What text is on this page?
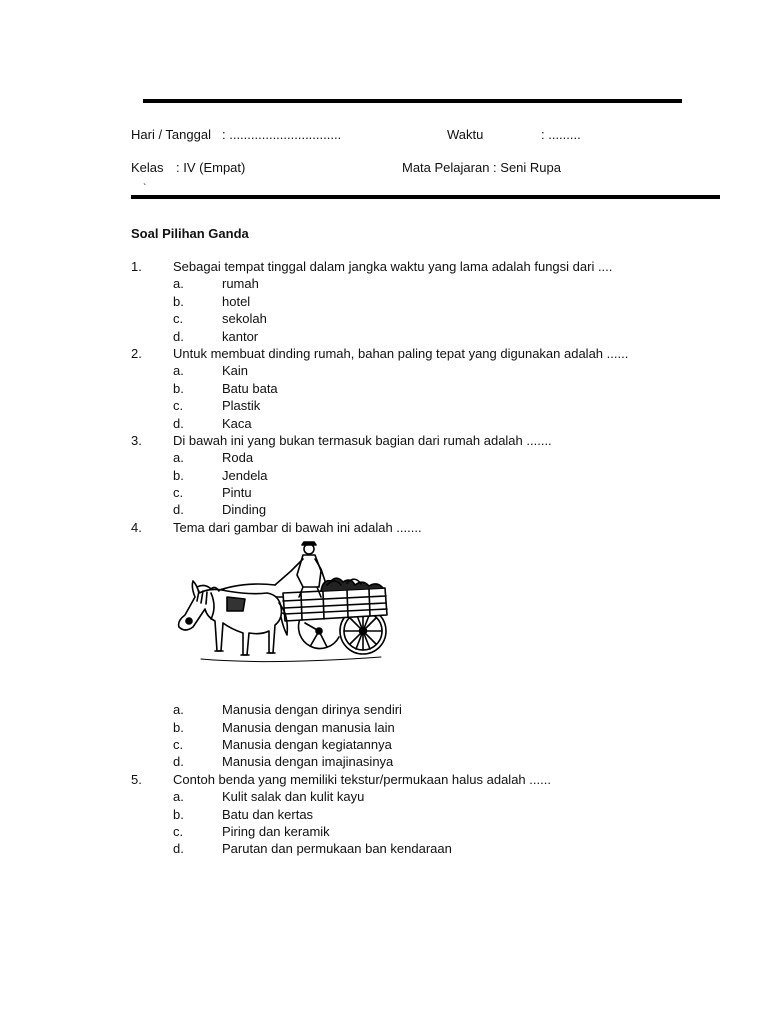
Hari / Tanggal : ...............................	Waktu	: .........
Kelas : IV (Empat)	Mata Pelajaran : Seni Rupa
`
Soal Pilihan Ganda
1. Sebagai tempat tinggal dalam jangka waktu yang lama adalah fungsi dari ....
a.	rumah
b.	hotel
c.	sekolah
d.	kantor
2. Untuk membuat dinding rumah, bahan paling tepat yang digunakan adalah ......
a.	Kain
b.	Batu bata
c.	Plastik
d.	Kaca
3. Di bawah ini yang bukan termasuk bagian dari rumah adalah .......
a.	Roda
b.	Jendela
c.	Pintu
d.	Dinding
4. Tema dari gambar di bawah ini adalah .......
a.	Manusia dengan dirinya sendiri
b.	Manusia dengan manusia lain
c.	Manusia dengan kegiatannya
d.	Manusia dengan imajinasinya
5. Contoh benda yang memiliki tekstur/permukaan halus adalah ......
a.	Kulit salak dan kulit kayu
b.	Batu dan kertas
c.	Piring dan keramik
d.	Parutan dan permukaan ban kendaraan
